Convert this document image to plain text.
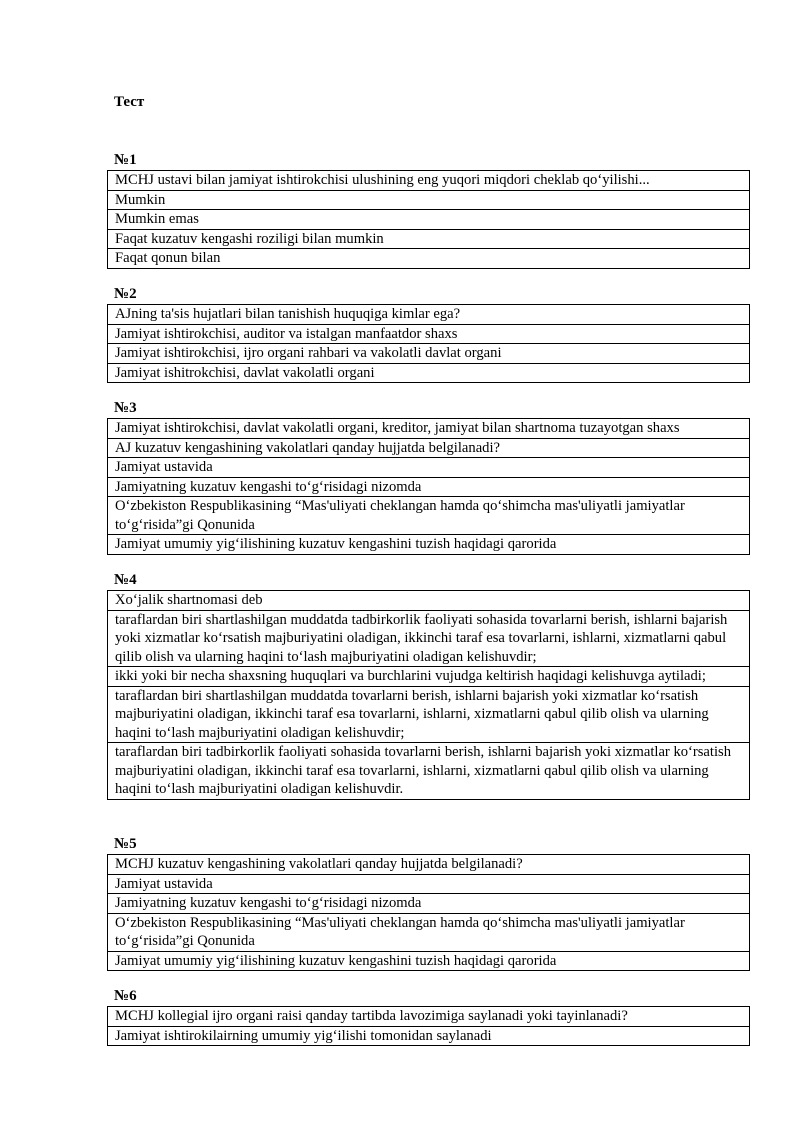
Тест
№1
MCHJ ustavi bilan jamiyat ishtirokchisi ulushining eng yuqori miqdori cheklab qo‘yilishi...
Mumkin
Mumkin emas
Faqat kuzatuv kengashi roziligi bilan mumkin
Faqat qonun bilan
№2
AJning ta'sis hujatlari bilan tanishish huquqiga kimlar ega?
Jamiyat ishtirokchisi, auditor va istalgan manfaatdor shaxs
Jamiyat ishtirokchisi, ijro organi rahbari va vakolatli davlat organi
Jamiyat ishitrokchisi, davlat vakolatli organi
№3
Jamiyat ishtirokchisi, davlat vakolatli organi, kreditor, jamiyat bilan shartnoma tuzayotgan shaxs
AJ kuzatuv kengashining vakolatlari qanday hujjatda belgilanadi?
Jamiyat ustavida
Jamiyatning kuzatuv kengashi to‘g‘risidagi nizomda
O‘zbekiston Respublikasining “Mas'uliyati cheklangan hamda qo‘shimcha mas'uliyatli jamiyatlar to‘g‘risida”gi Qonunida
Jamiyat umumiy yig‘ilishining kuzatuv kengashini tuzish haqidagi qarorida
№4
Xo‘jalik shartnomasi deb
taraflardan biri shartlashilgan muddatda tadbirkorlik faoliyati sohasida tovarlarni berish, ishlarni bajarish yoki xizmatlar ko‘rsatish majburiyatini oladigan, ikkinchi taraf esa tovarlarni, ishlarni, xizmatlarni qabul qilib olish va ularning haqini to‘lash majburiyatini oladigan kelishuvdir;
ikki yoki bir necha shaxsning huquqlari va burchlarini vujudga keltirish haqidagi kelishuvga aytiladi;
taraflardan biri shartlashilgan muddatda tovarlarni berish, ishlarni bajarish yoki xizmatlar ko‘rsatish majburiyatini oladigan, ikkinchi taraf esa tovarlarni, ishlarni, xizmatlarni qabul qilib olish va ularning haqini to‘lash majburiyatini oladigan kelishuvdir;
taraflardan biri tadbirkorlik faoliyati sohasida tovarlarni berish, ishlarni bajarish yoki xizmatlar ko‘rsatish majburiyatini oladigan, ikkinchi taraf esa tovarlarni, ishlarni, xizmatlarni qabul qilib olish va ularning haqini to‘lash majburiyatini oladigan kelishuvdir.
№5
MCHJ kuzatuv kengashining vakolatlari qanday hujjatda belgilanadi?
Jamiyat ustavida
Jamiyatning kuzatuv kengashi to‘g‘risidagi nizomda
O‘zbekiston Respublikasining “Mas'uliyati cheklangan hamda qo‘shimcha mas'uliyatli jamiyatlar to‘g‘risida”gi Qonunida
Jamiyat umumiy yig‘ilishining kuzatuv kengashini tuzish haqidagi qarorida
№6
MCHJ kollegial ijro organi raisi qanday tartibda lavozimiga saylanadi yoki tayinlanadi?
Jamiyat ishtirokilairning umumiy yig‘ilishi tomonidan saylanadi
